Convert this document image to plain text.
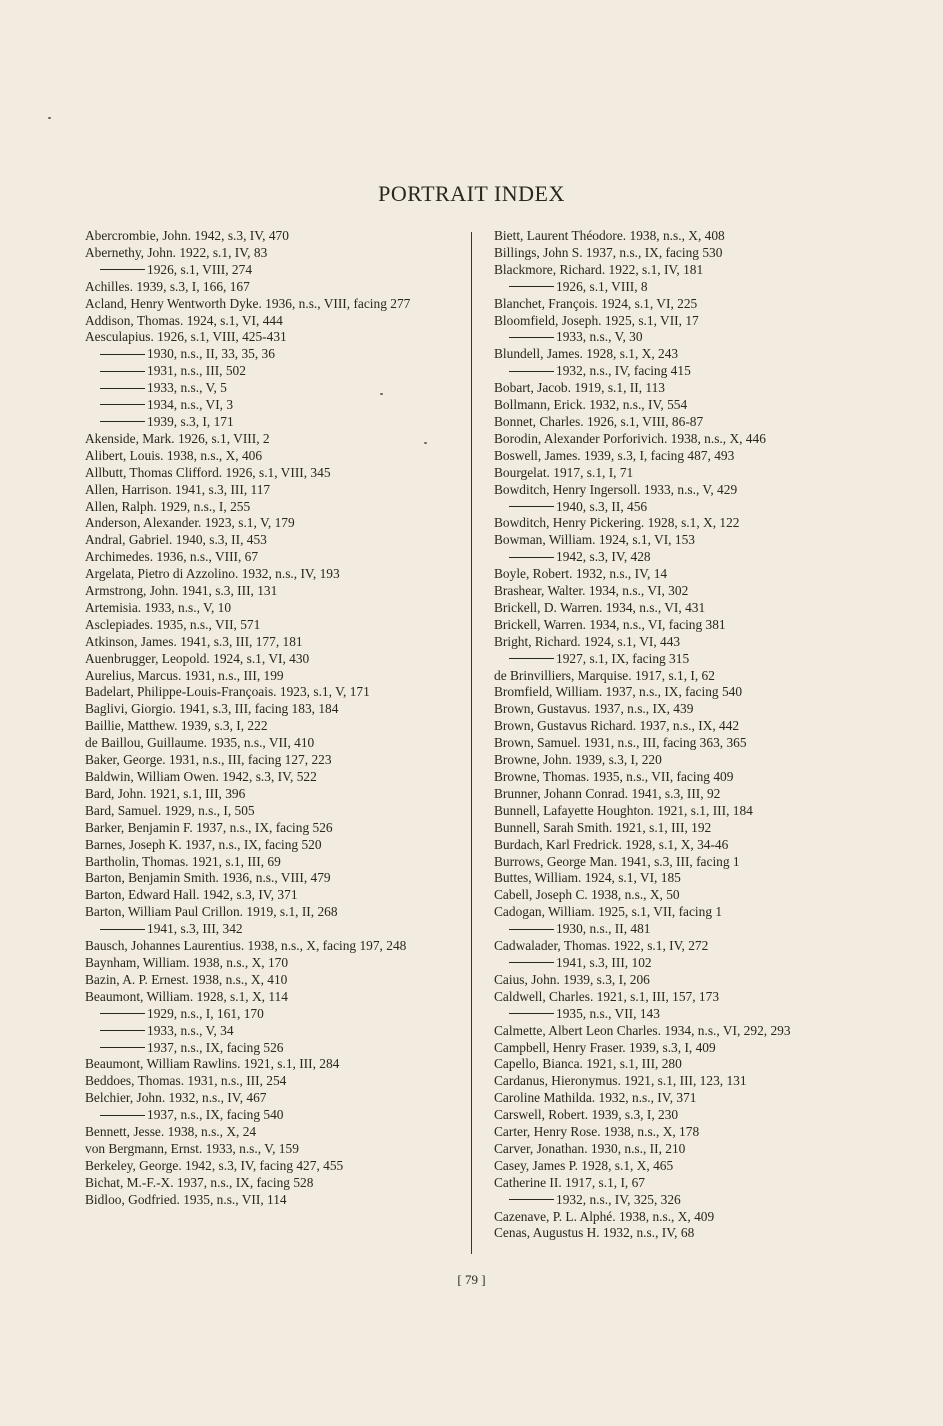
PORTRAIT INDEX
Abercrombie, John. 1942, s.3, IV, 470
Abernethy, John. 1922, s.1, IV, 83
1926, s.1, VIII, 274
Achilles. 1939, s.3, I, 166, 167
Acland, Henry Wentworth Dyke. 1936, n.s., VIII, facing 277
Addison, Thomas. 1924, s.1, VI, 444
Aesculapius. 1926, s.1, VIII, 425-431
1930, n.s., II, 33, 35, 36
1931, n.s., III, 502
1933, n.s., V, 5
1934, n.s., VI, 3
1939, s.3, I, 171
Akenside, Mark. 1926, s.1, VIII, 2
Alibert, Louis. 1938, n.s., X, 406
Allbutt, Thomas Clifford. 1926, s.1, VIII, 345
Allen, Harrison. 1941, s.3, III, 117
Allen, Ralph. 1929, n.s., I, 255
Anderson, Alexander. 1923, s.1, V, 179
Andral, Gabriel. 1940, s.3, II, 453
Archimedes. 1936, n.s., VIII, 67
Argelata, Pietro di Azzolino. 1932, n.s., IV, 193
Armstrong, John. 1941, s.3, III, 131
Artemisia. 1933, n.s., V, 10
Asclepiades. 1935, n.s., VII, 571
Atkinson, James. 1941, s.3, III, 177, 181
Auenbrugger, Leopold. 1924, s.1, VI, 430
Aurelius, Marcus. 1931, n.s., III, 199
Badelart, Philippe-Louis-Françoais. 1923, s.1, V, 171
Baglivi, Giorgio. 1941, s.3, III, facing 183, 184
Baillie, Matthew. 1939, s.3, I, 222
de Baillou, Guillaume. 1935, n.s., VII, 410
Baker, George. 1931, n.s., III, facing 127, 223
Baldwin, William Owen. 1942, s.3, IV, 522
Bard, John. 1921, s.1, III, 396
Bard, Samuel. 1929, n.s., I, 505
Barker, Benjamin F. 1937, n.s., IX, facing 526
Barnes, Joseph K. 1937, n.s., IX, facing 520
Bartholin, Thomas. 1921, s.1, III, 69
Barton, Benjamin Smith. 1936, n.s., VIII, 479
Barton, Edward Hall. 1942, s.3, IV, 371
Barton, William Paul Crillon. 1919, s.1, II, 268
1941, s.3, III, 342
Bausch, Johannes Laurentius. 1938, n.s., X, facing 197, 248
Baynham, William. 1938, n.s., X, 170
Bazin, A. P. Ernest. 1938, n.s., X, 410
Beaumont, William. 1928, s.1, X, 114
1929, n.s., I, 161, 170
1933, n.s., V, 34
1937, n.s., IX, facing 526
Beaumont, William Rawlins. 1921, s.1, III, 284
Beddoes, Thomas. 1931, n.s., III, 254
Belchier, John. 1932, n.s., IV, 467
1937, n.s., IX, facing 540
Bennett, Jesse. 1938, n.s., X, 24
von Bergmann, Ernst. 1933, n.s., V, 159
Berkeley, George. 1942, s.3, IV, facing 427, 455
Bichat, M.-F.-X. 1937, n.s., IX, facing 528
Bidloo, Godfried. 1935, n.s., VII, 114
Biett, Laurent Théodore. 1938, n.s., X, 408
Billings, John S. 1937, n.s., IX, facing 530
Blackmore, Richard. 1922, s.1, IV, 181
1926, s.1, VIII, 8
Blanchet, François. 1924, s.1, VI, 225
Bloomfield, Joseph. 1925, s.1, VII, 17
1933, n.s., V, 30
Blundell, James. 1928, s.1, X, 243
1932, n.s., IV, facing 415
Bobart, Jacob. 1919, s.1, II, 113
Bollmann, Erick. 1932, n.s., IV, 554
Bonnet, Charles. 1926, s.1, VIII, 86-87
Borodin, Alexander Porforivich. 1938, n.s., X, 446
Boswell, James. 1939, s.3, I, facing 487, 493
Bourgelat. 1917, s.1, I, 71
Bowditch, Henry Ingersoll. 1933, n.s., V, 429
1940, s.3, II, 456
Bowditch, Henry Pickering. 1928, s.1, X, 122
Bowman, William. 1924, s.1, VI, 153
1942, s.3, IV, 428
Boyle, Robert. 1932, n.s., IV, 14
Brashear, Walter. 1934, n.s., VI, 302
Brickell, D. Warren. 1934, n.s., VI, 431
Brickell, Warren. 1934, n.s., VI, facing 381
Bright, Richard. 1924, s.1, VI, 443
1927, s.1, IX, facing 315
de Brinvilliers, Marquise. 1917, s.1, I, 62
Bromfield, William. 1937, n.s., IX, facing 540
Brown, Gustavus. 1937, n.s., IX, 439
Brown, Gustavus Richard. 1937, n.s., IX, 442
Brown, Samuel. 1931, n.s., III, facing 363, 365
Browne, John. 1939, s.3, I, 220
Browne, Thomas. 1935, n.s., VII, facing 409
Brunner, Johann Conrad. 1941, s.3, III, 92
Bunnell, Lafayette Houghton. 1921, s.1, III, 184
Bunnell, Sarah Smith. 1921, s.1, III, 192
Burdach, Karl Fredrick. 1928, s.1, X, 34-46
Burrows, George Man. 1941, s.3, III, facing 1
Buttes, William. 1924, s.1, VI, 185
Cabell, Joseph C. 1938, n.s., X, 50
Cadogan, William. 1925, s.1, VII, facing 1
1930, n.s., II, 481
Cadwalader, Thomas. 1922, s.1, IV, 272
1941, s.3, III, 102
Caius, John. 1939, s.3, I, 206
Caldwell, Charles. 1921, s.1, III, 157, 173
1935, n.s., VII, 143
Calmette, Albert Leon Charles. 1934, n.s., VI, 292, 293
Campbell, Henry Fraser. 1939, s.3, I, 409
Capello, Bianca. 1921, s.1, III, 280
Cardanus, Hieronymus. 1921, s.1, III, 123, 131
Caroline Mathilda. 1932, n.s., IV, 371
Carswell, Robert. 1939, s.3, I, 230
Carter, Henry Rose. 1938, n.s., X, 178
Carver, Jonathan. 1930, n.s., II, 210
Casey, James P. 1928, s.1, X, 465
Catherine II. 1917, s.1, I, 67
1932, n.s., IV, 325, 326
Cazenave, P. L. Alphé. 1938, n.s., X, 409
Cenas, Augustus H. 1932, n.s., IV, 68
[ 79 ]
